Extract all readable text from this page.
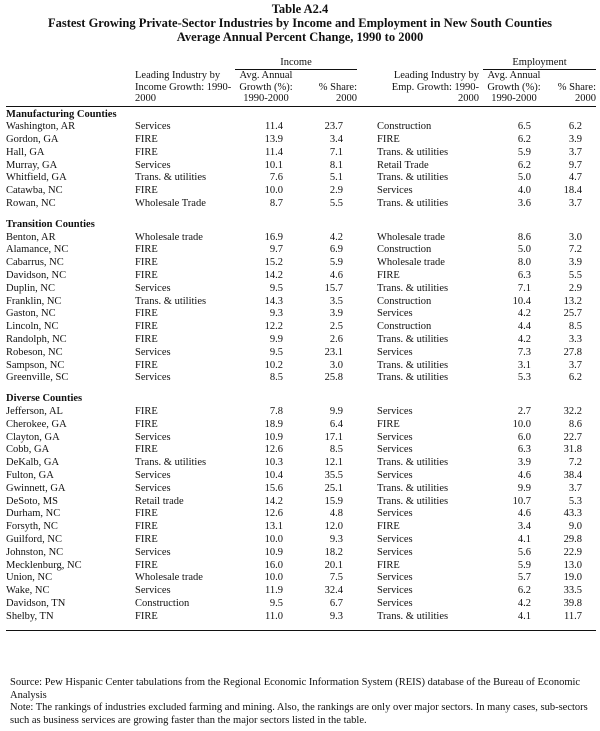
Table A2.4
Fastest Growing Private-Sector Industries by Income and Employment in New South Counties
Average Annual Percent Change, 1990 to 2000
		Income				Employment	

	Leading Industry by Income Growth: 1990-2000	Avg. Annual Growth (%): 1990-2000	% Share: 2000		Leading Industry by Emp. Growth: 1990-2000	Avg. Annual Growth (%): 1990-2000	% Share: 2000

Manufacturing Counties							
Washington, AR	Services	11.4	23.7		Construction	6.5	6.2
Gordon, GA	FIRE	13.9	3.4		FIRE	6.2	3.9
Hall, GA	FIRE	11.4	7.1		Trans. & utilities	5.9	3.7
Murray, GA	Services	10.1	8.1		Retail Trade	6.2	9.7
Whitfield, GA	Trans. & utilities	7.6	5.1		Trans. & utilities	5.0	4.7
Catawba, NC	FIRE	10.0	2.9		Services	4.0	18.4
Rowan, NC	Wholesale Trade	8.7	5.5		Trans. & utilities	3.6	3.7

Transition Counties							
Benton, AR	Wholesale trade	16.9	4.2		Wholesale trade	8.6	3.0
Alamance, NC	FIRE	9.7	6.9		Construction	5.0	7.2
Cabarrus, NC	FIRE	15.2	5.9		Wholesale trade	8.0	3.9
Davidson, NC	FIRE	14.2	4.6		FIRE	6.3	5.5
Duplin, NC	Services	9.5	15.7		Trans. & utilities	7.1	2.9
Franklin, NC	Trans. & utilities	14.3	3.5		Construction	10.4	13.2
Gaston, NC	FIRE	9.3	3.9		Services	4.2	25.7
Lincoln, NC	FIRE	12.2	2.5		Construction	4.4	8.5
Randolph, NC	FIRE	9.9	2.6		Trans. & utilities	4.2	3.3
Robeson, NC	Services	9.5	23.1		Services	7.3	27.8
Sampson, NC	FIRE	10.2	3.0		Trans. & utilities	3.1	3.7
Greenville, SC	Services	8.5	25.8		Trans. & utilities	5.3	6.2

Diverse Counties							
Jefferson, AL	FIRE	7.8	9.9		Services	2.7	32.2
Cherokee, GA	FIRE	18.9	6.4		FIRE	10.0	8.6
Clayton, GA	Services	10.9	17.1		Services	6.0	22.7
Cobb, GA	FIRE	12.6	8.5		Services	6.3	31.8
DeKalb, GA	Trans. & utilities	10.3	12.1		Trans. & utilities	3.9	7.2
Fulton, GA	Services	10.4	35.5		Services	4.6	38.4
Gwinnett, GA	Services	15.6	25.1		Trans. & utilities	9.9	3.7
DeSoto, MS	Retail trade	14.2	15.9		Trans. & utilities	10.7	5.3
Durham, NC	FIRE	12.6	4.8		Services	4.6	43.3
Forsyth, NC	FIRE	13.1	12.0		FIRE	3.4	9.0
Guilford, NC	FIRE	10.0	9.3		Services	4.1	29.8
Johnston, NC	Services	10.9	18.2		Services	5.6	22.9
Mecklenburg, NC	FIRE	16.0	20.1		FIRE	5.9	13.0
Union, NC	Wholesale trade	10.0	7.5		Services	5.7	19.0
Wake, NC	Services	11.9	32.4		Services	6.2	33.5
Davidson, TN	Construction	9.5	6.7		Services	4.2	39.8
Shelby, TN	FIRE	11.0	9.3		Trans. & utilities	4.1	11.7

Source: Pew Hispanic Center tabulations from the Regional Economic Information System (REIS) database of the Bureau of Economic Analysis

Note: The rankings of industries excluded farming and mining. Also, the rankings are only over major sectors. In many cases, sub-sectors such as business services are growing faster than the major sectors listed in the table.
